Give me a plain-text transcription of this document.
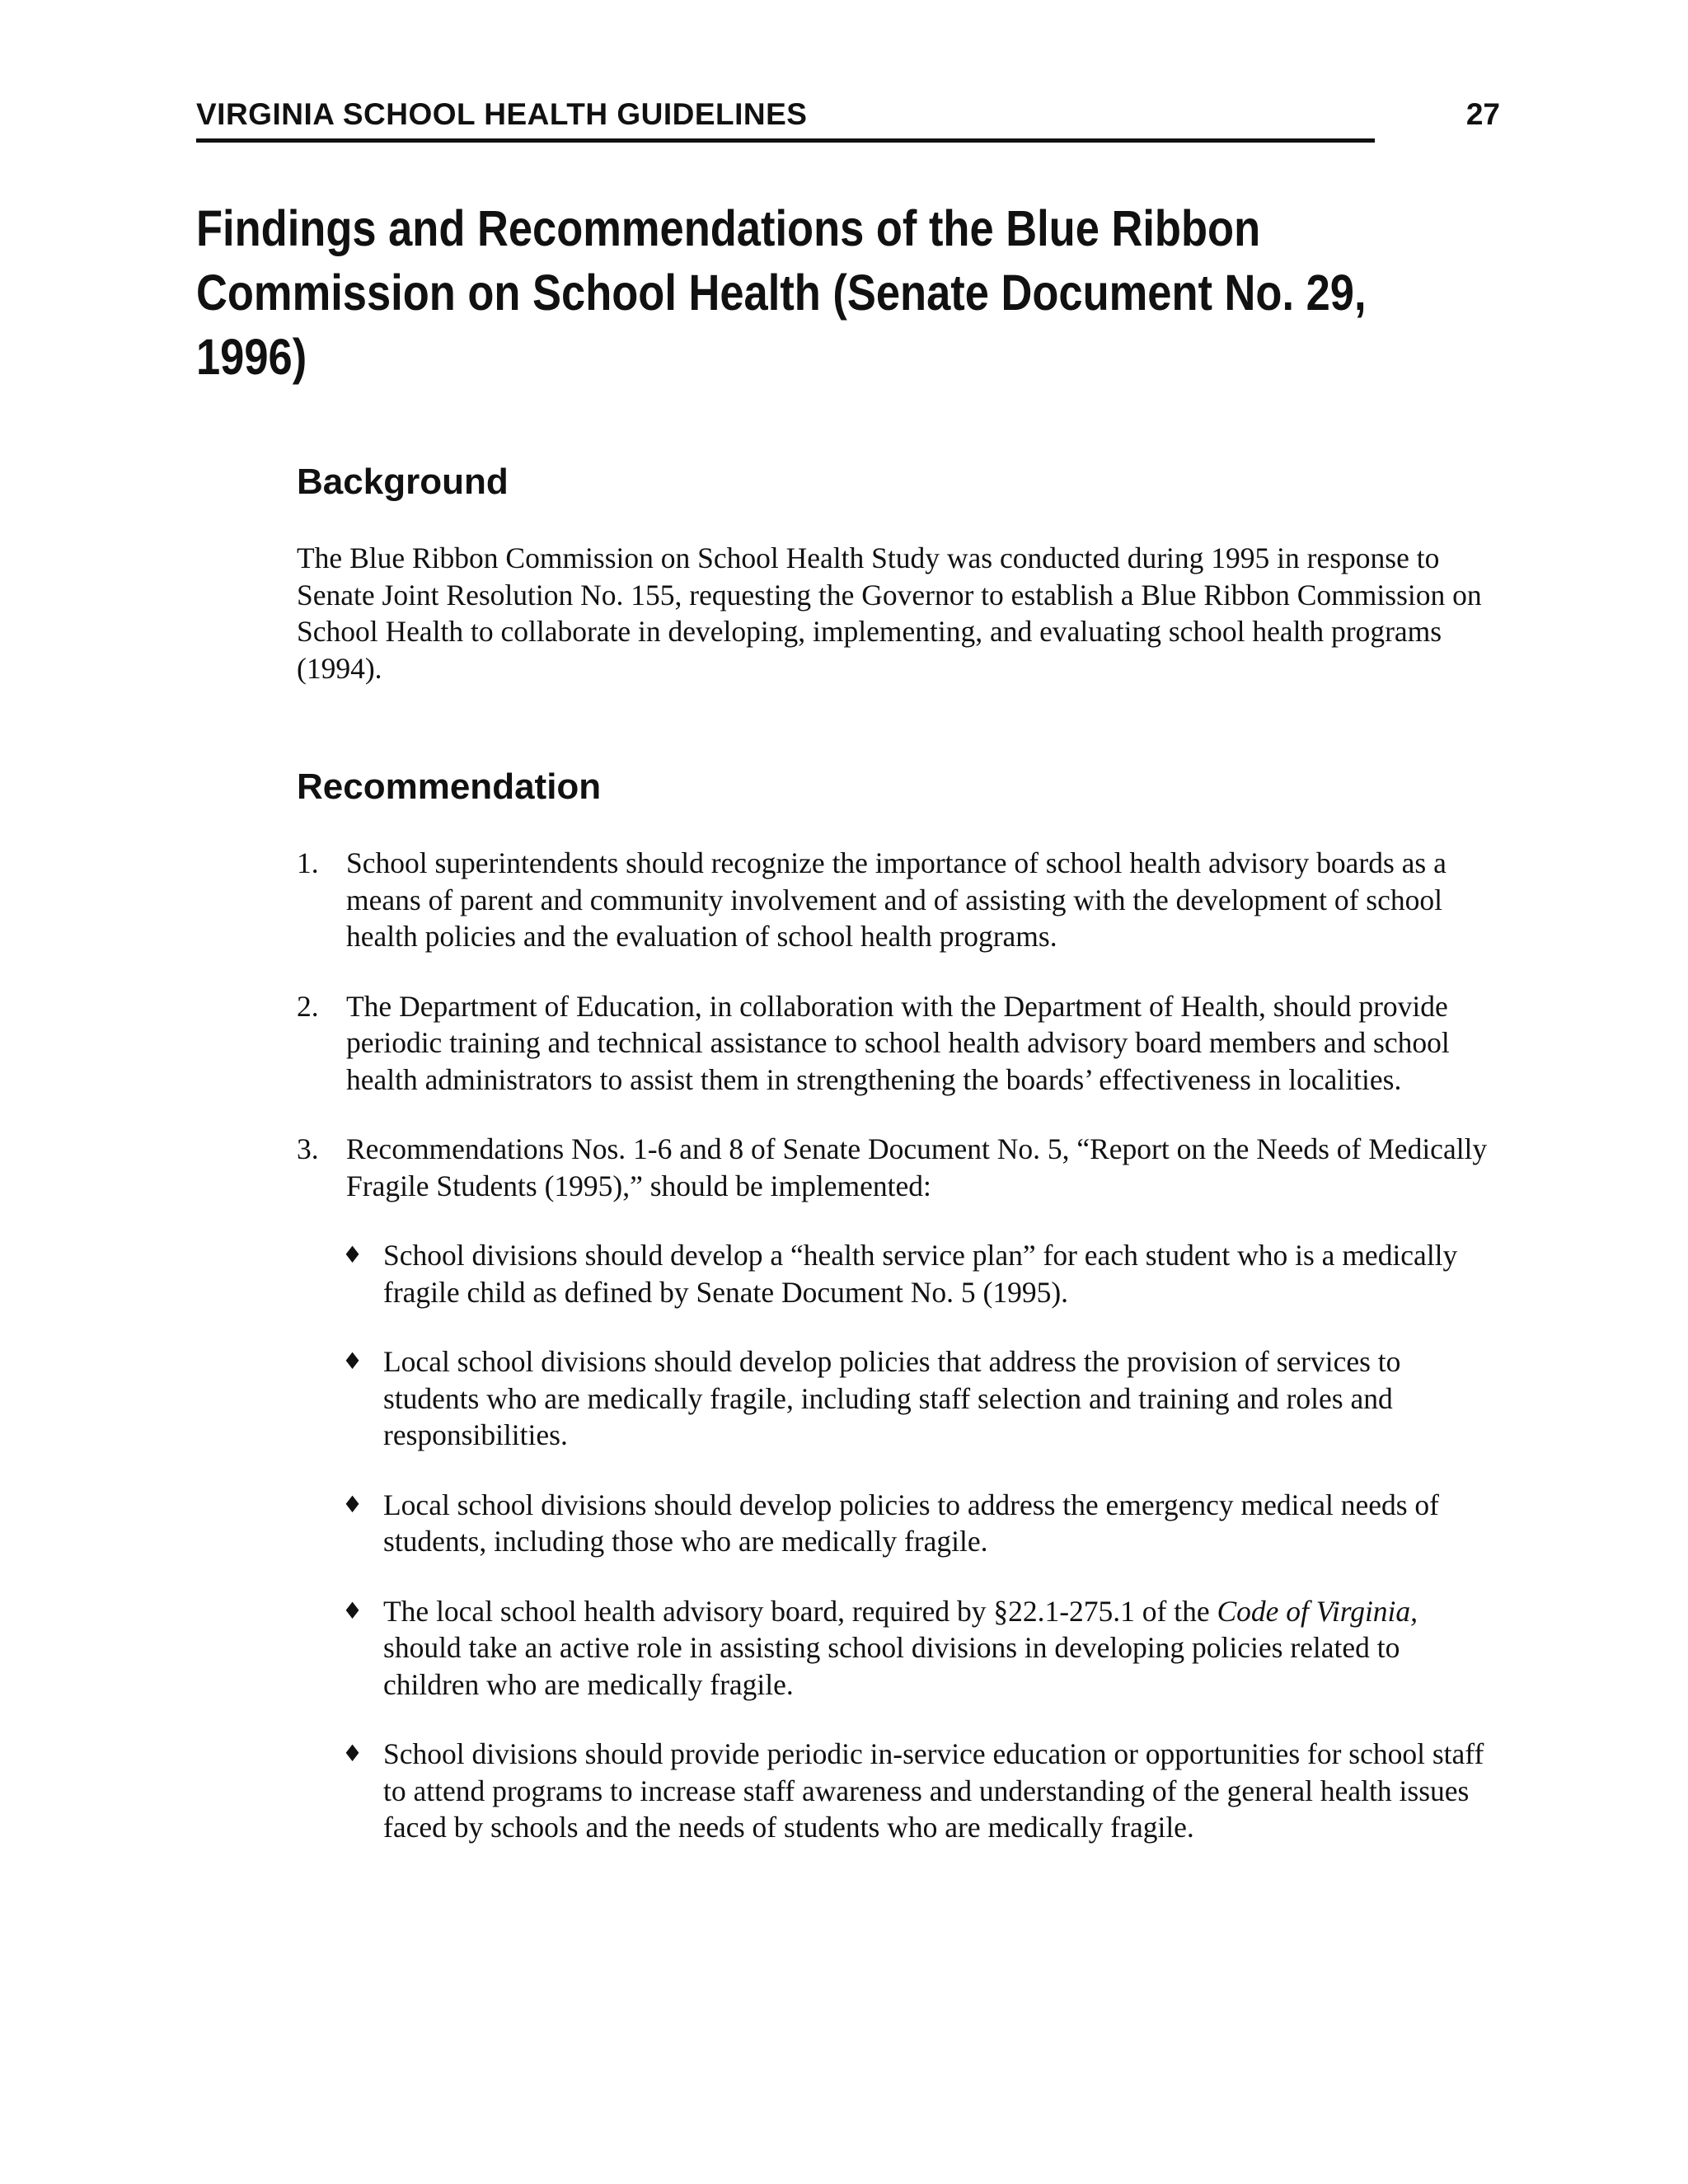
VIRGINIA SCHOOL HEALTH GUIDELINES	27
Findings and Recommendations of the Blue Ribbon Commission on School Health (Senate Document No. 29, 1996)
Background

The Blue Ribbon Commission on School Health Study was conducted during 1995 in response to Senate Joint Resolution No. 155, requesting the Governor to establish a Blue Ribbon Commission on School Health to collaborate in developing, implementing, and evaluating school health programs (1994).

Recommendation
1. School superintendents should recognize the importance of school health advisory boards as a means of parent and community involvement and of assisting with the development of school health policies and the evaluation of school health programs.
2. The Department of Education, in collaboration with the Department of Health, should provide periodic training and technical assistance to school health advisory board members and school health administrators to assist them in strengthening the boards’ effectiveness in localities.
3. Recommendations Nos. 1-6 and 8 of Senate Document No. 5, “Report on the Needs of Medically Fragile Students (1995),” should be implemented:
♦ School divisions should develop a “health service plan” for each student who is a medically fragile child as defined by Senate Document No. 5 (1995).
♦ Local school divisions should develop policies that address the provision of services to students who are medically fragile, including staff selection and training and roles and responsibilities.
♦ Local school divisions should develop policies to address the emergency medical needs of students, including those who are medically fragile.
♦ The local school health advisory board, required by §22.1-275.1 of the Code of Virginia, should take an active role in assisting school divisions in developing policies related to children who are medically fragile.
♦ School divisions should provide periodic in-service education or opportunities for school staff to attend programs to increase staff awareness and understanding of the general health issues faced by schools and the needs of students who are medically fragile.
